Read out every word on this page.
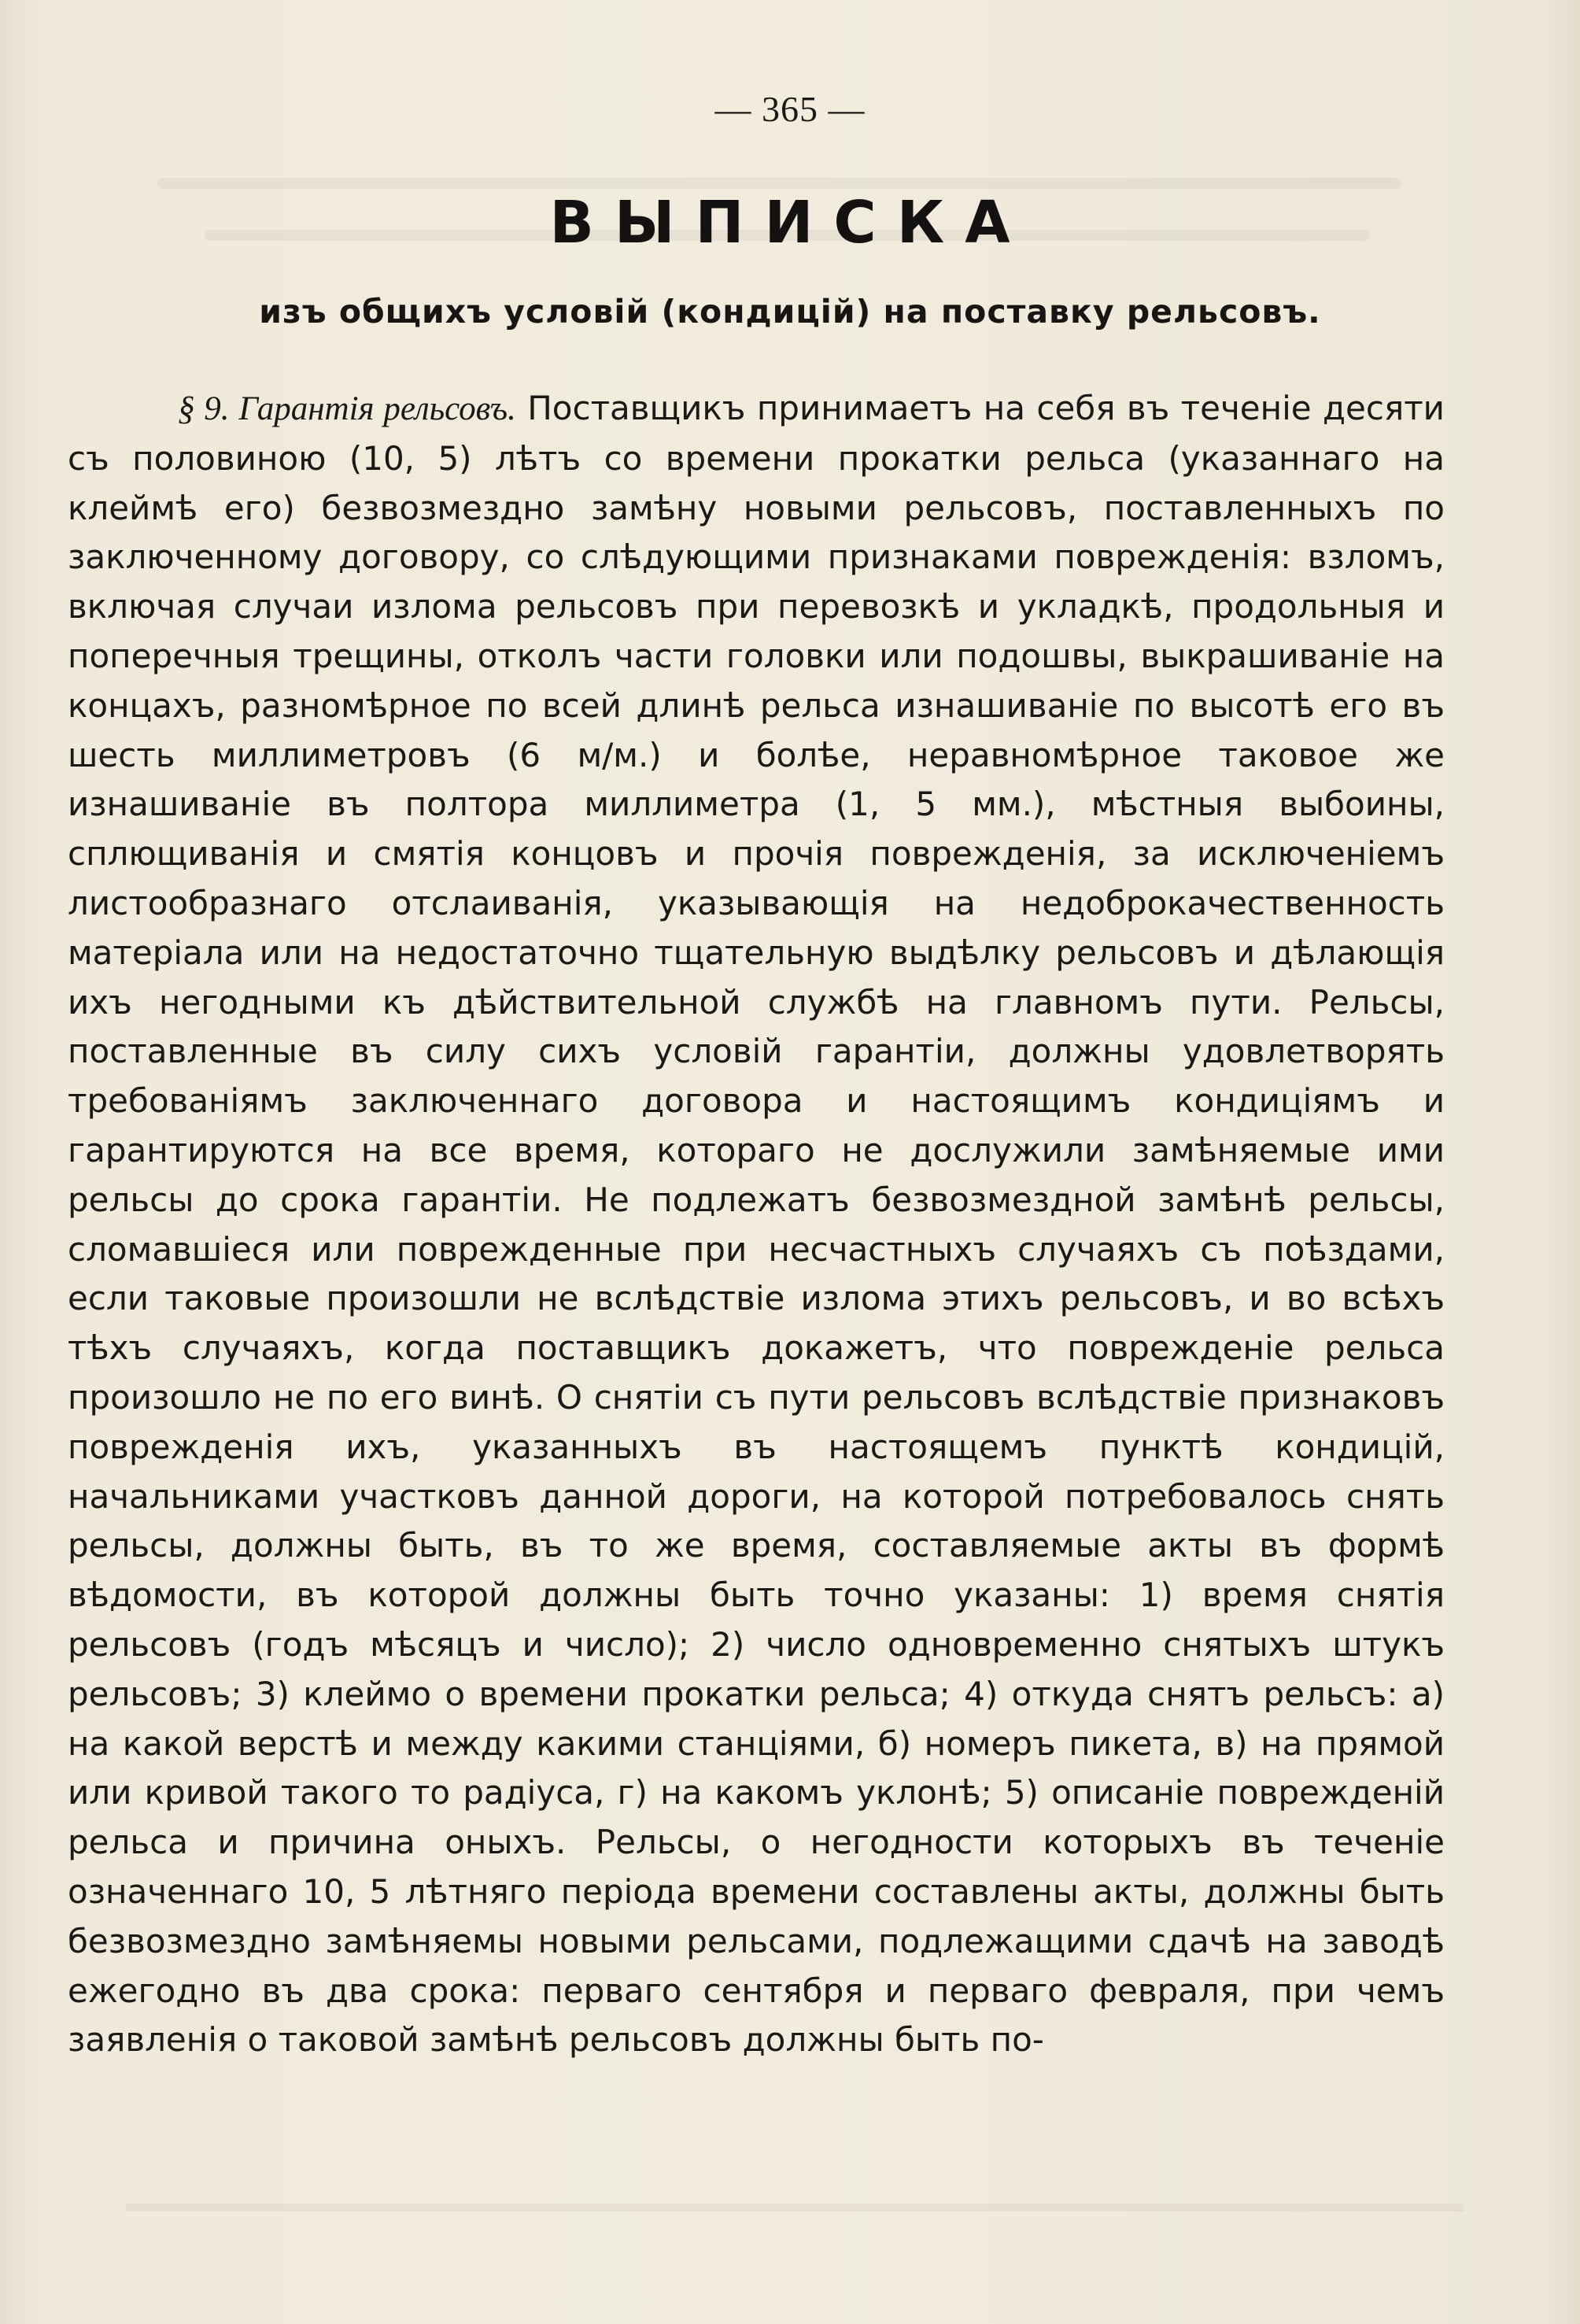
— 365 —
ВЫПИСКА
изъ общихъ условій (кондицій) на поставку рельсовъ.

§ 9. Гарантія рельсовъ. Поставщикъ принимаетъ на себя въ теченіе десяти съ половиною (10, 5) лѣтъ со времени прокатки рельса (указаннаго на клеймѣ его) безвозмездно замѣну новыми рельсовъ, поставленныхъ по заключенному договору, со слѣдующими признаками повреждeнія: взломъ, включая случаи излома рельсовъ при перевозкѣ и укладкѣ, продольныя и поперечныя трещины, отколъ части головки или подошвы, выкрашиванiе на концахъ, разномѣрное по всей длинѣ рельса изнашиваніе по высотѣ его въ шесть миллиметровъ (6 м/м.) и болѣе, неравномѣрное таковое же изнашиваніе въ полтора миллиметра (1, 5 мм.), мѣстныя выбоины, сплющиванія и смятія концовъ и прочія поврежденія, за исключеніемъ листообразнаго отслаиванія, указывающія на недоброкачественность матеріала или на недостаточно тщательную выдѣлку рельсовъ и дѣлающія ихъ негодными къ дѣйствительной службѣ на главномъ пути. Рельсы, поставленные въ силу сихъ условій гарантіи, должны удовлетворять требованіямъ заключеннаго договора и настоящимъ кондиціямъ и гарантируются на все время, котораго не дослужили замѣняемые ими рельсы до срока гарантіи. Не подлежатъ безвозмездной замѣнѣ рельсы, сломавшіеся или поврежденные при несчастныхъ случаяхъ съ поѣздами, если таковые произошли не вслѣдствіе излома этихъ рельсовъ, и во всѣхъ тѣхъ случаяхъ, когда поставщикъ докажетъ, что поврежденіе рельса произошло не по его винѣ. О снятіи съ пути рельсовъ вслѣдствіе признаковъ поврежденія ихъ, указанныхъ въ настоящемъ пунктѣ кондицій, начальниками участковъ данной дороги, на которой потребовалось снять рельсы, должны быть, въ то же время, составляемые акты въ формѣ вѣдомости, въ которой должны быть точно указаны: 1) время снятія рельсовъ (годъ мѣсяцъ и число); 2) число одновременно снятыхъ штукъ рельсовъ; 3) клеймо о времени прокатки рельса; 4) откуда снятъ рельсъ: а) на какой верстѣ и между какими станціями, б) номеръ пикета, в) на прямой или кривой такого то радіуса, г) на какомъ уклонѣ; 5) описаніе поврежденій рельса и причина оныхъ. Рельсы, о негодности которыхъ въ теченіе означеннаго 10, 5 лѣтняго періода времени составлены акты, должны быть безвозмездно замѣняемы новыми рельсами, подлежащими сдачѣ на заводѣ ежегодно въ два срока: перваго сентября и перваго февраля, при чемъ заявленія о таковой замѣнѣ рельсовъ должны быть по-
